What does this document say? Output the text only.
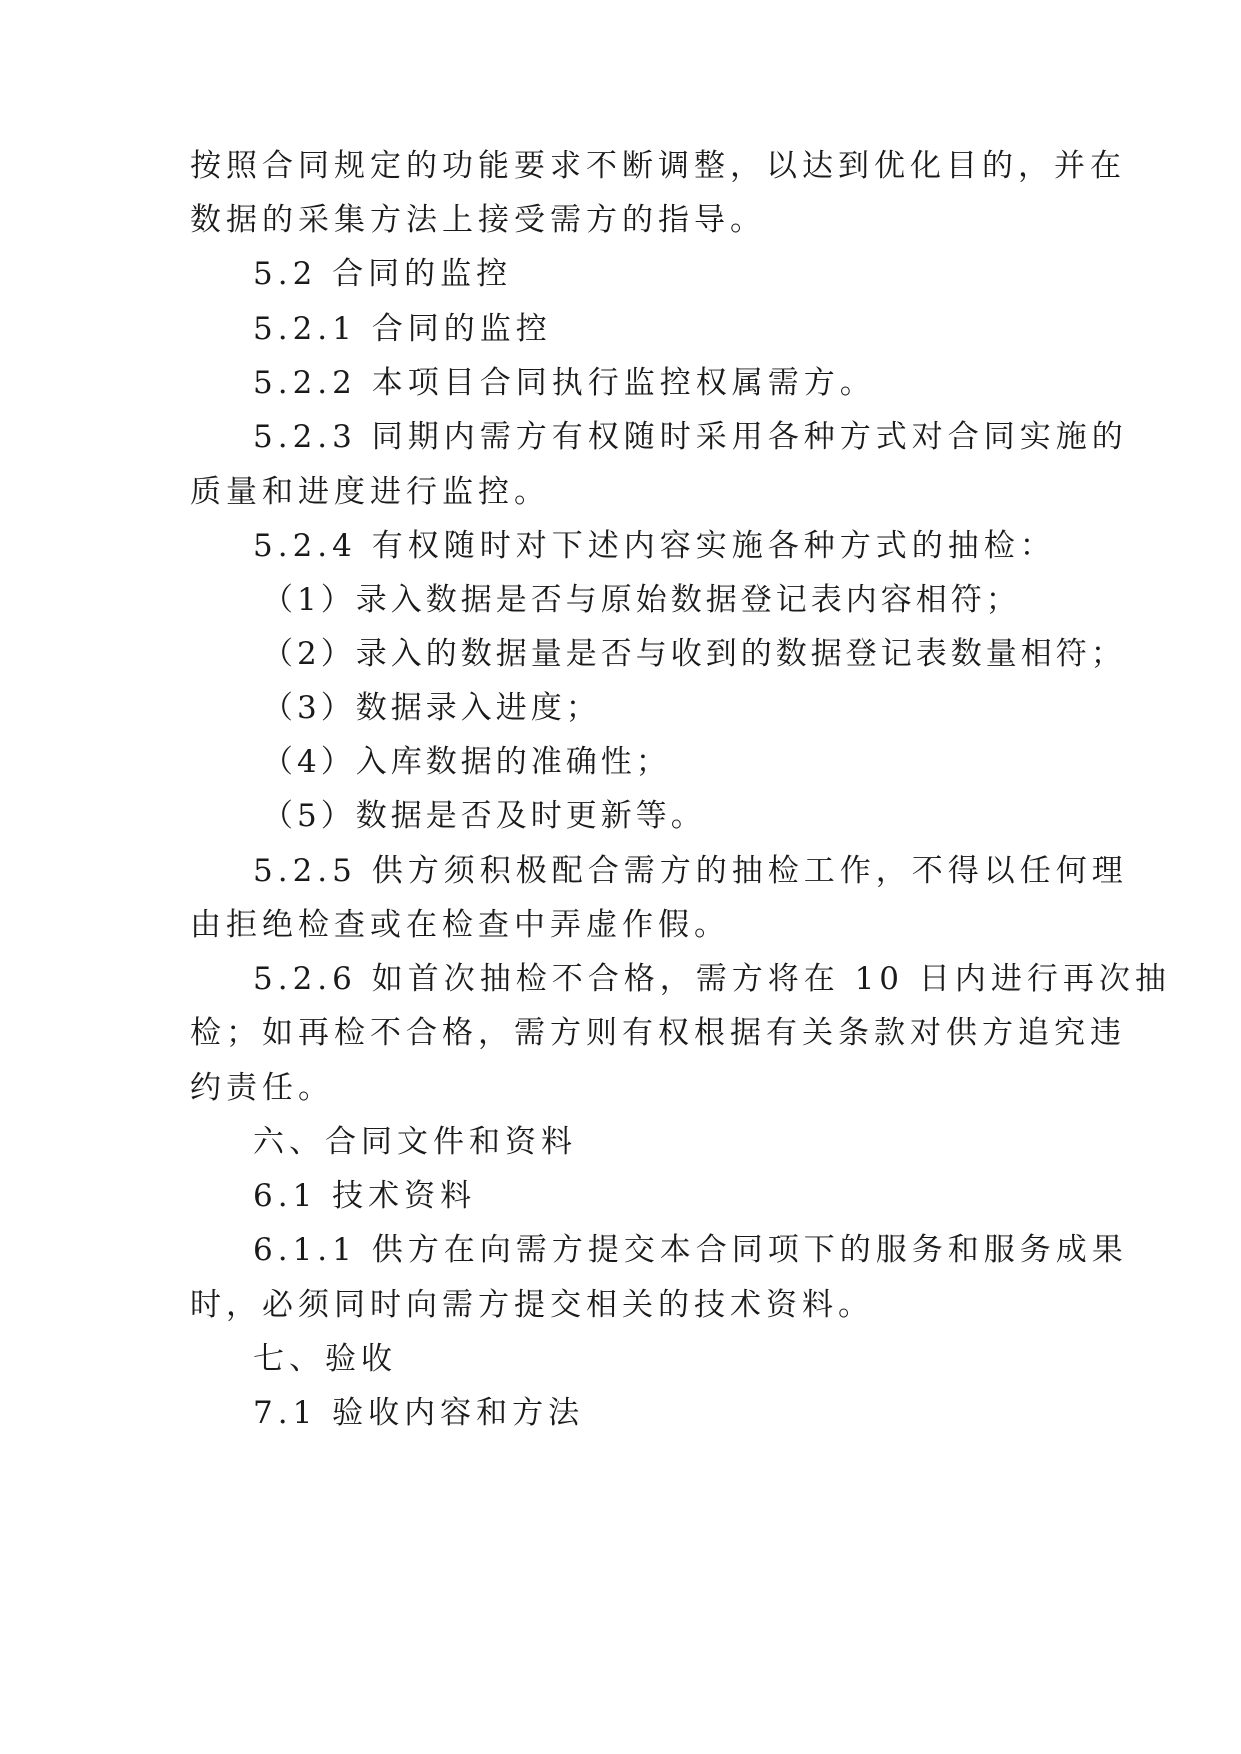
按照合同规定的功能要求不断调整，以达到优化目的，并在
数据的采集方法上接受需方的指导。
5.2 合同的监控
5.2.1 合同的监控
5.2.2 本项目合同执行监控权属需方。
5.2.3 同期内需方有权随时采用各种方式对合同实施的
质量和进度进行监控。
5.2.4 有权随时对下述内容实施各种方式的抽检：
（1）录入数据是否与原始数据登记表内容相符；
（2）录入的数据量是否与收到的数据登记表数量相符；
（3）数据录入进度；
（4）入库数据的准确性；
（5）数据是否及时更新等。
5.2.5 供方须积极配合需方的抽检工作，不得以任何理
由拒绝检查或在检查中弄虚作假。
5.2.6 如首次抽检不合格，需方将在 10 日内进行再次抽
检；如再检不合格，需方则有权根据有关条款对供方追究违
约责任。
六、合同文件和资料
6.1 技术资料
6.1.1 供方在向需方提交本合同项下的服务和服务成果
时，必须同时向需方提交相关的技术资料。
七、验收
7.1 验收内容和方法
